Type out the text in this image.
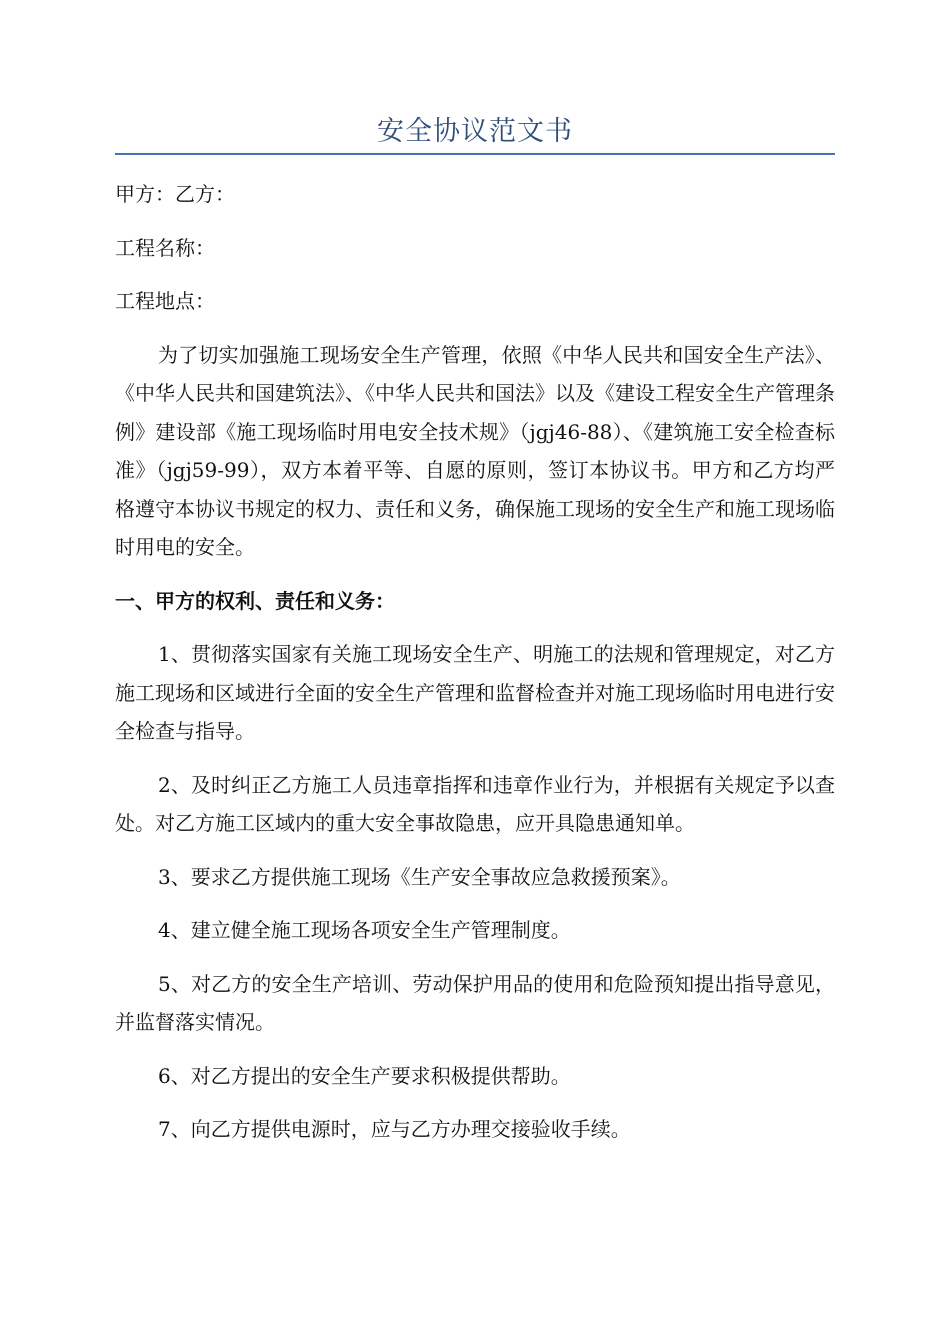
安全协议范文书

甲方：乙方：

工程名称：

工程地点：

为了切实加强施工现场安全生产管理，依照《中华人民共和国安全生产法》、《中华人民共和国建筑法》、《中华人民共和国法》以及《建设工程安全生产管理条例》建设部《施工现场临时用电安全技术规》（jgj46-88）、《建筑施工安全检查标准》（jgj59-99），双方本着平等、自愿的原则，签订本协议书。甲方和乙方均严格遵守本协议书规定的权力、责任和义务，确保施工现场的安全生产和施工现场临时用电的安全。

一、甲方的权利、责任和义务：

1、贯彻落实国家有关施工现场安全生产、明施工的法规和管理规定，对乙方施工现场和区域进行全面的安全生产管理和监督检查并对施工现场临时用电进行安全检查与指导。

2、及时纠正乙方施工人员违章指挥和违章作业行为，并根据有关规定予以查处。对乙方施工区域内的重大安全事故隐患，应开具隐患通知单。

3、要求乙方提供施工现场《生产安全事故应急救援预案》。

4、建立健全施工现场各项安全生产管理制度。

5、对乙方的安全生产培训、劳动保护用品的使用和危险预知提出指导意见，并监督落实情况。

6、对乙方提出的安全生产要求积极提供帮助。

7、向乙方提供电源时，应与乙方办理交接验收手续。
